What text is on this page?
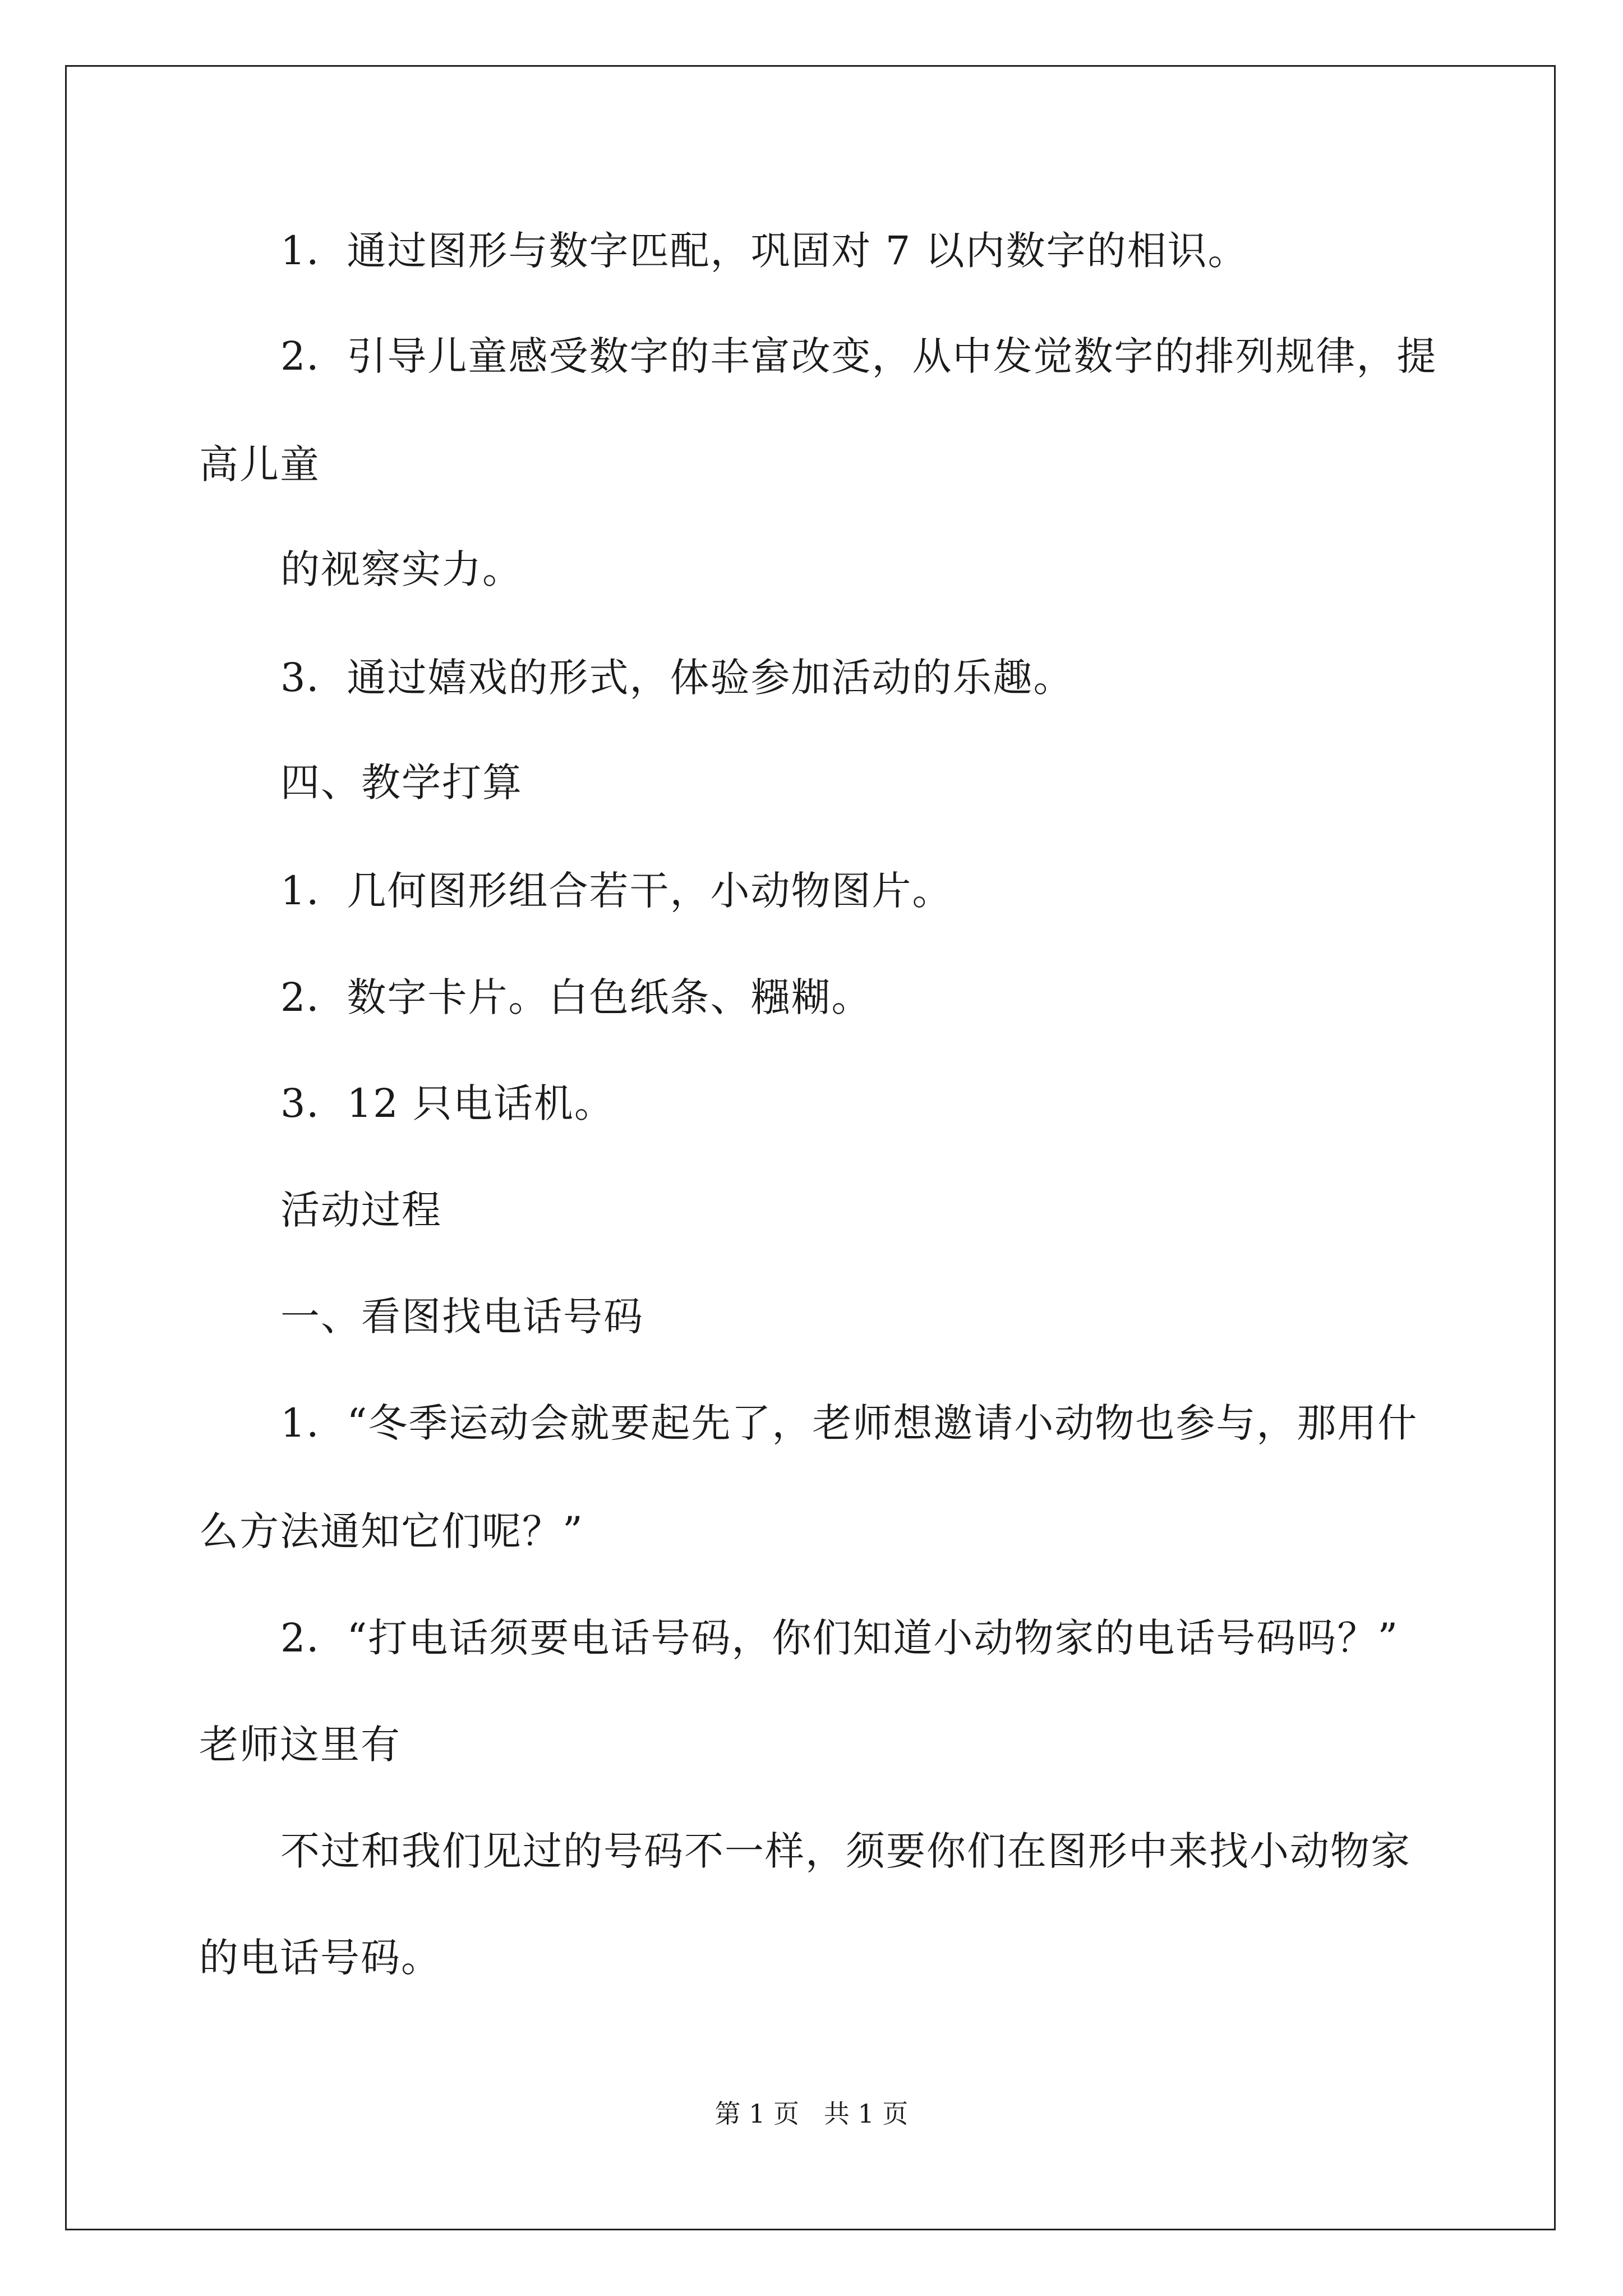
1．通过图形与数字匹配，巩固对 7 以内数字的相识。
2．引导儿童感受数字的丰富改变，从中发觉数字的排列规律，提
高儿童
的视察实力。
3．通过嬉戏的形式，体验参加活动的乐趣。
四、教学打算
1．几何图形组合若干，小动物图片。
2．数字卡片。白色纸条、糨糊。
3．12 只电话机。
活动过程
一、看图找电话号码
1．“冬季运动会就要起先了，老师想邀请小动物也参与，那用什
么方法通知它们呢？”
2．“打电话须要电话号码，你们知道小动物家的电话号码吗？”
老师这里有
不过和我们见过的号码不一样，须要你们在图形中来找小动物家
的电话号码。
第 1 页   共 1 页
